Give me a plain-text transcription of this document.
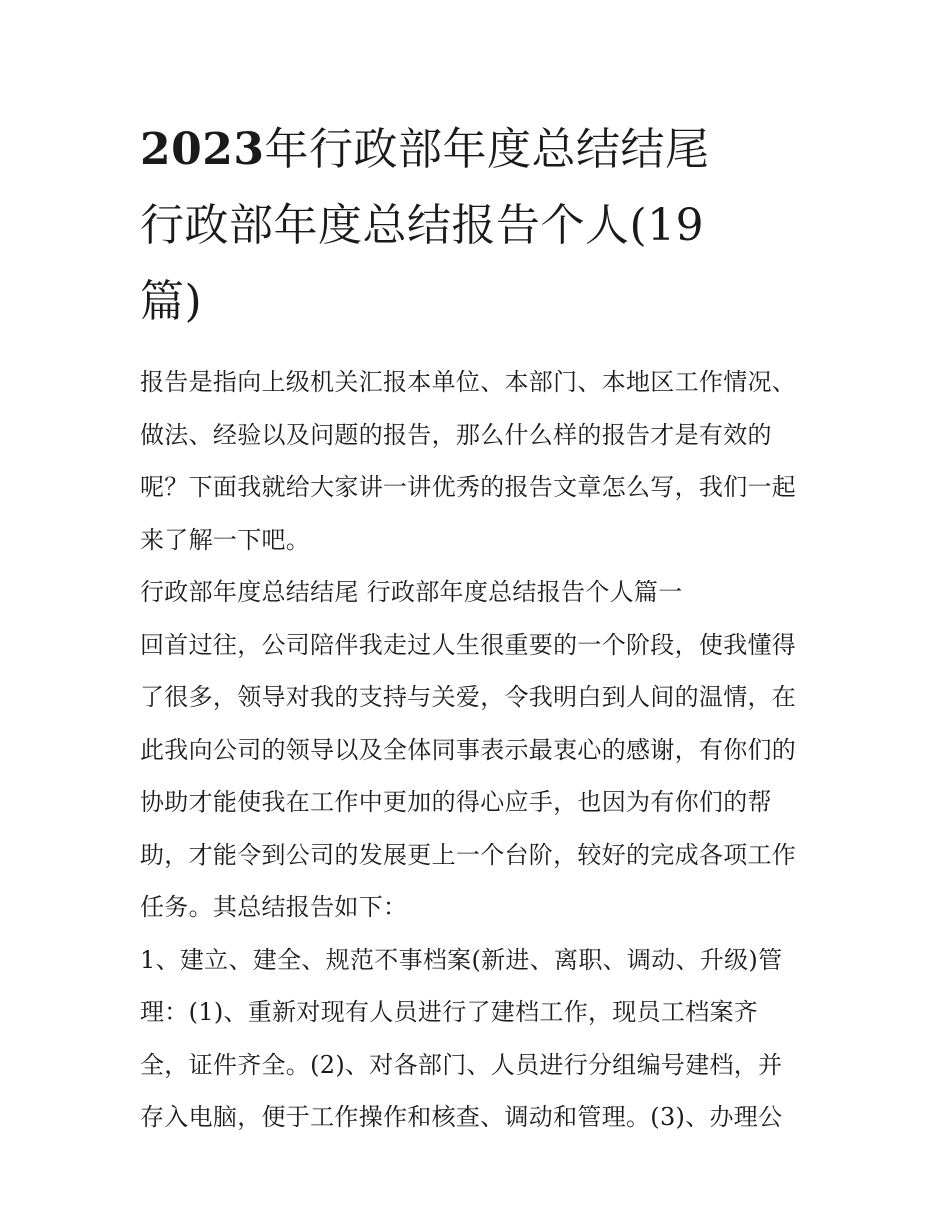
2023年行政部年度总结结尾
行政部年度总结报告个人(19
篇)
报告是指向上级机关汇报本单位、本部门、本地区工作情况、
做法、经验以及问题的报告，那么什么样的报告才是有效的
呢？下面我就给大家讲一讲优秀的报告文章怎么写，我们一起
来了解一下吧。
行政部年度总结结尾 行政部年度总结报告个人篇一
回首过往，公司陪伴我走过人生很重要的一个阶段，使我懂得
了很多，领导对我的支持与关爱，令我明白到人间的温情，在
此我向公司的领导以及全体同事表示最衷心的感谢，有你们的
协助才能使我在工作中更加的得心应手，也因为有你们的帮
助，才能令到公司的发展更上一个台阶，较好的完成各项工作
任务。其总结报告如下：
1、建立、建全、规范不事档案(新进、离职、调动、升级)管
理：(1)、重新对现有人员进行了建档工作，现员工档案齐
全，证件齐全。(2)、对各部门、人员进行分组编号建档，并
存入电脑，便于工作操作和核查、调动和管理。(3)、办理公
